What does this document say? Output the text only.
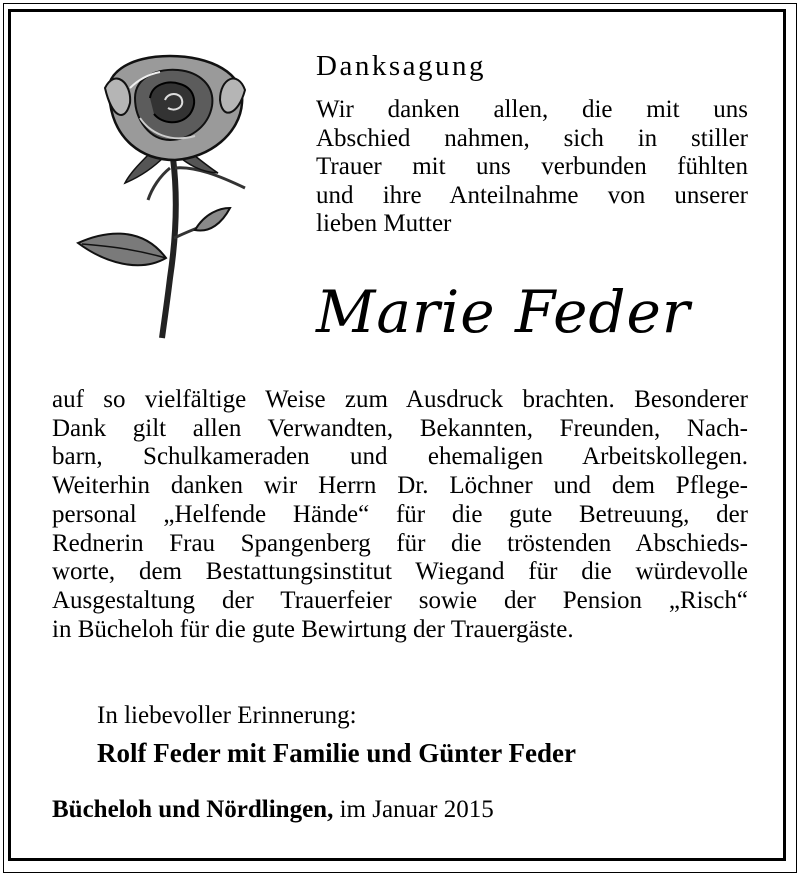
Danksagung
Wir danken allen, die mit uns
Abschied nahmen, sich in stiller
Trauer mit uns verbunden fühlten
und ihre Anteilnahme von unserer
lieben Mutter
Marie Feder
auf so vielfältige Weise zum Ausdruck brachten. Besonderer
Dank gilt allen Verwandten, Bekannten, Freunden, Nach-
barn, Schulkameraden und ehemaligen Arbeitskollegen.
Weiterhin danken wir Herrn Dr. Löchner und dem Pflege-
personal „Helfende Hände“ für die gute Betreuung, der
Rednerin Frau Spangenberg für die tröstenden Abschieds-
worte, dem Bestattungsinstitut Wiegand für die würdevolle
Ausgestaltung der Trauerfeier sowie der Pension „Risch“
in Bücheloh für die gute Bewirtung der Trauergäste.
In liebevoller Erinnerung:
Rolf Feder mit Familie und Günter Feder
Bücheloh und Nördlingen, im Januar 2015
